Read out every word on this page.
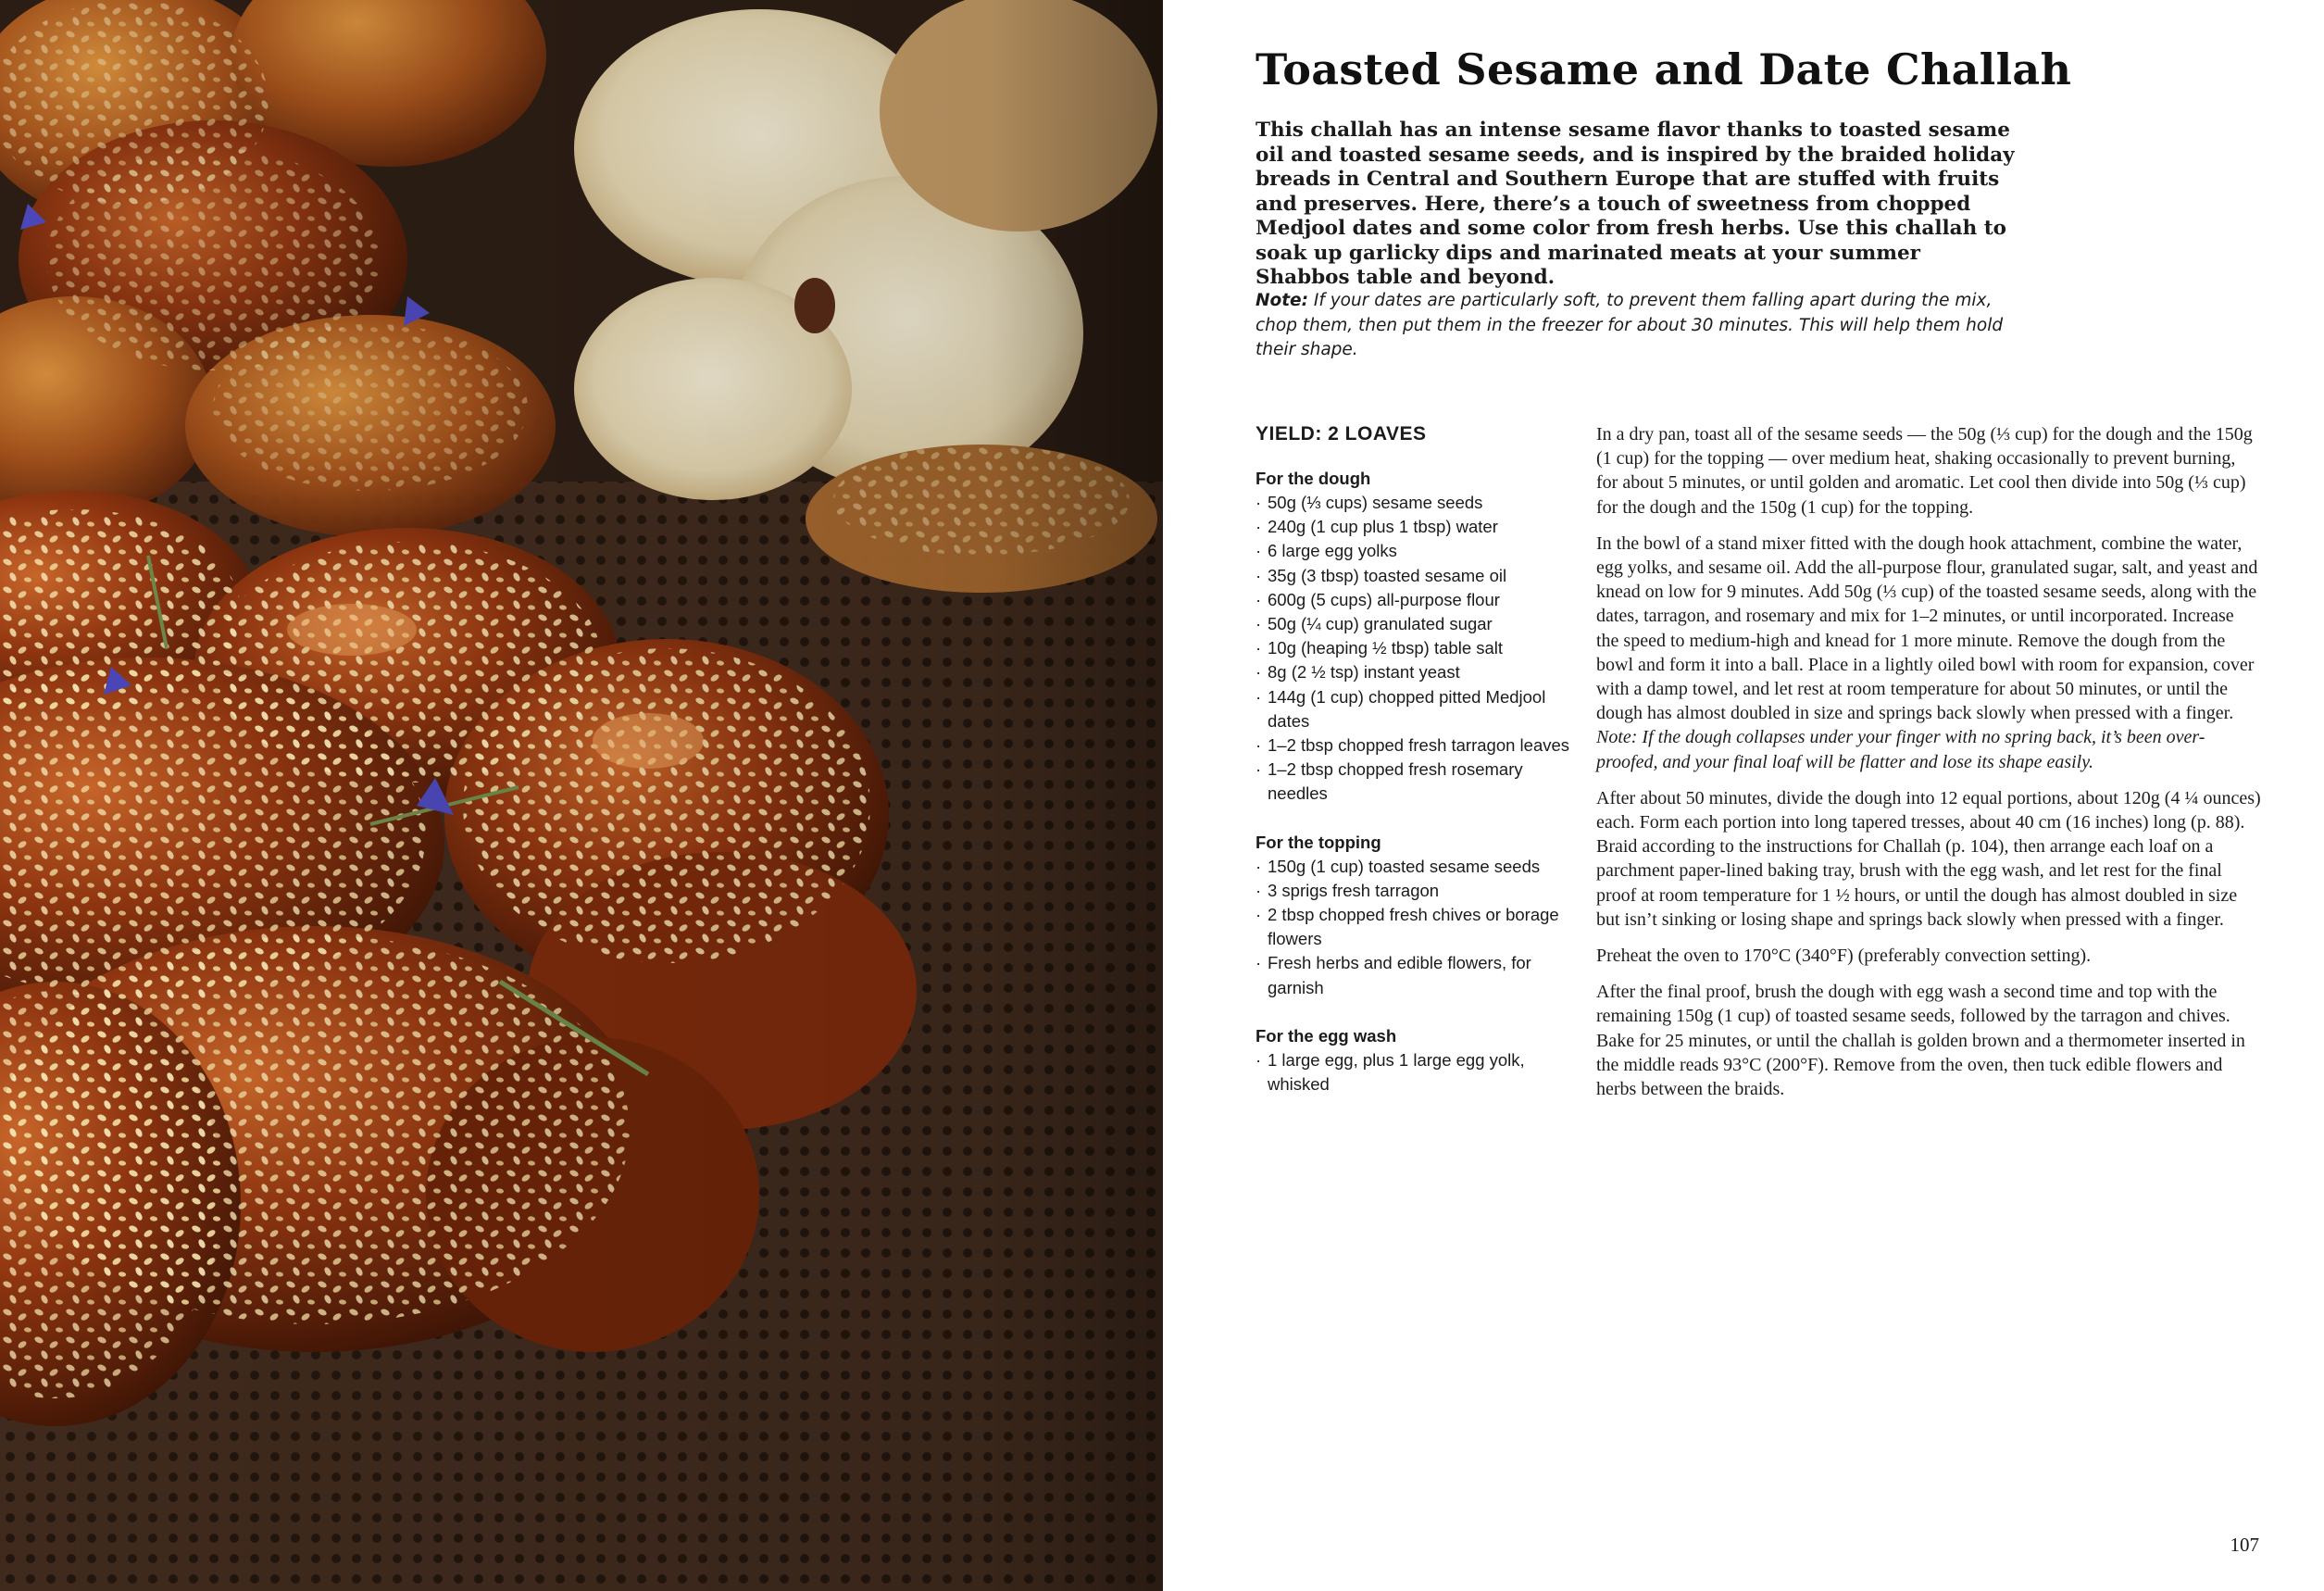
Toasted Sesame and Date Challah
This challah has an intense sesame flavor thanks to toasted sesame oil and toasted sesame seeds, and is inspired by the braided holiday breads in Central and Southern Europe that are stuffed with fruits and preserves. Here, there’s a touch of sweetness from chopped Medjool dates and some color from fresh herbs. Use this challah to soak up garlicky dips and marinated meats at your summer Shabbos table and beyond.
Note: If your dates are particularly soft, to prevent them falling apart during the mix, chop them, then put them in the freezer for about 30 minutes. This will help them hold their shape.
YIELD: 2 LOAVES
For the dough
· 50g (⅓ cups) sesame seeds
· 240g (1 cup plus 1 tbsp) water
· 6 large egg yolks
· 35g (3 tbsp) toasted sesame oil
· 600g (5 cups) all-purpose flour
· 50g (¼ cup) granulated sugar
· 10g (heaping ½ tbsp) table salt
· 8g (2 ½ tsp) instant yeast
· 144g (1 cup) chopped pitted Medjool dates
· 1–2 tbsp chopped fresh tarragon leaves
· 1–2 tbsp chopped fresh rosemary needles
For the topping
· 150g (1 cup) toasted sesame seeds
· 3 sprigs fresh tarragon
· 2 tbsp chopped fresh chives or borage flowers
· Fresh herbs and edible flowers, for garnish
For the egg wash
· 1 large egg, plus 1 large egg yolk, whisked

In a dry pan, toast all of the sesame seeds — the 50g (⅓ cup) for the dough and the 150g (1 cup) for the topping — over medium heat, shaking occasionally to prevent burning, for about 5 minutes, or until golden and aromatic. Let cool then divide into 50g (⅓ cup) for the dough and the 150g (1 cup) for the topping.

In the bowl of a stand mixer fitted with the dough hook attachment, combine the water, egg yolks, and sesame oil. Add the all-purpose flour, granulated sugar, salt, and yeast and knead on low for 9 minutes. Add 50g (⅓ cup) of the toasted sesame seeds, along with the dates, tarragon, and rosemary and mix for 1–2 minutes, or until incorporated. Increase the speed to medium-high and knead for 1 more minute. Remove the dough from the bowl and form it into a ball. Place in a lightly oiled bowl with room for expansion, cover with a damp towel, and let rest at room temperature for about 50 minutes, or until the dough has almost doubled in size and springs back slowly when pressed with a finger. Note: If the dough collapses under your finger with no spring back, it’s been over-proofed, and your final loaf will be flatter and lose its shape easily.

After about 50 minutes, divide the dough into 12 equal portions, about 120g (4 ¼ ounces) each. Form each portion into long tapered tresses, about 40 cm (16 inches) long (p. 88). Braid according to the instructions for Challah (p. 104), then arrange each loaf on a parchment paper-lined baking tray, brush with the egg wash, and let rest for the final proof at room temperature for 1 ½ hours, or until the dough has almost doubled in size but isn’t sinking or losing shape and springs back slowly when pressed with a finger.

Preheat the oven to 170°C (340°F) (preferably convection setting).

After the final proof, brush the dough with egg wash a second time and top with the remaining 150g (1 cup) of toasted sesame seeds, followed by the tarragon and chives. Bake for 25 minutes, or until the challah is golden brown and a thermometer inserted in the middle reads 93°C (200°F). Remove from the oven, then tuck edible flowers and herbs between the braids.

107
